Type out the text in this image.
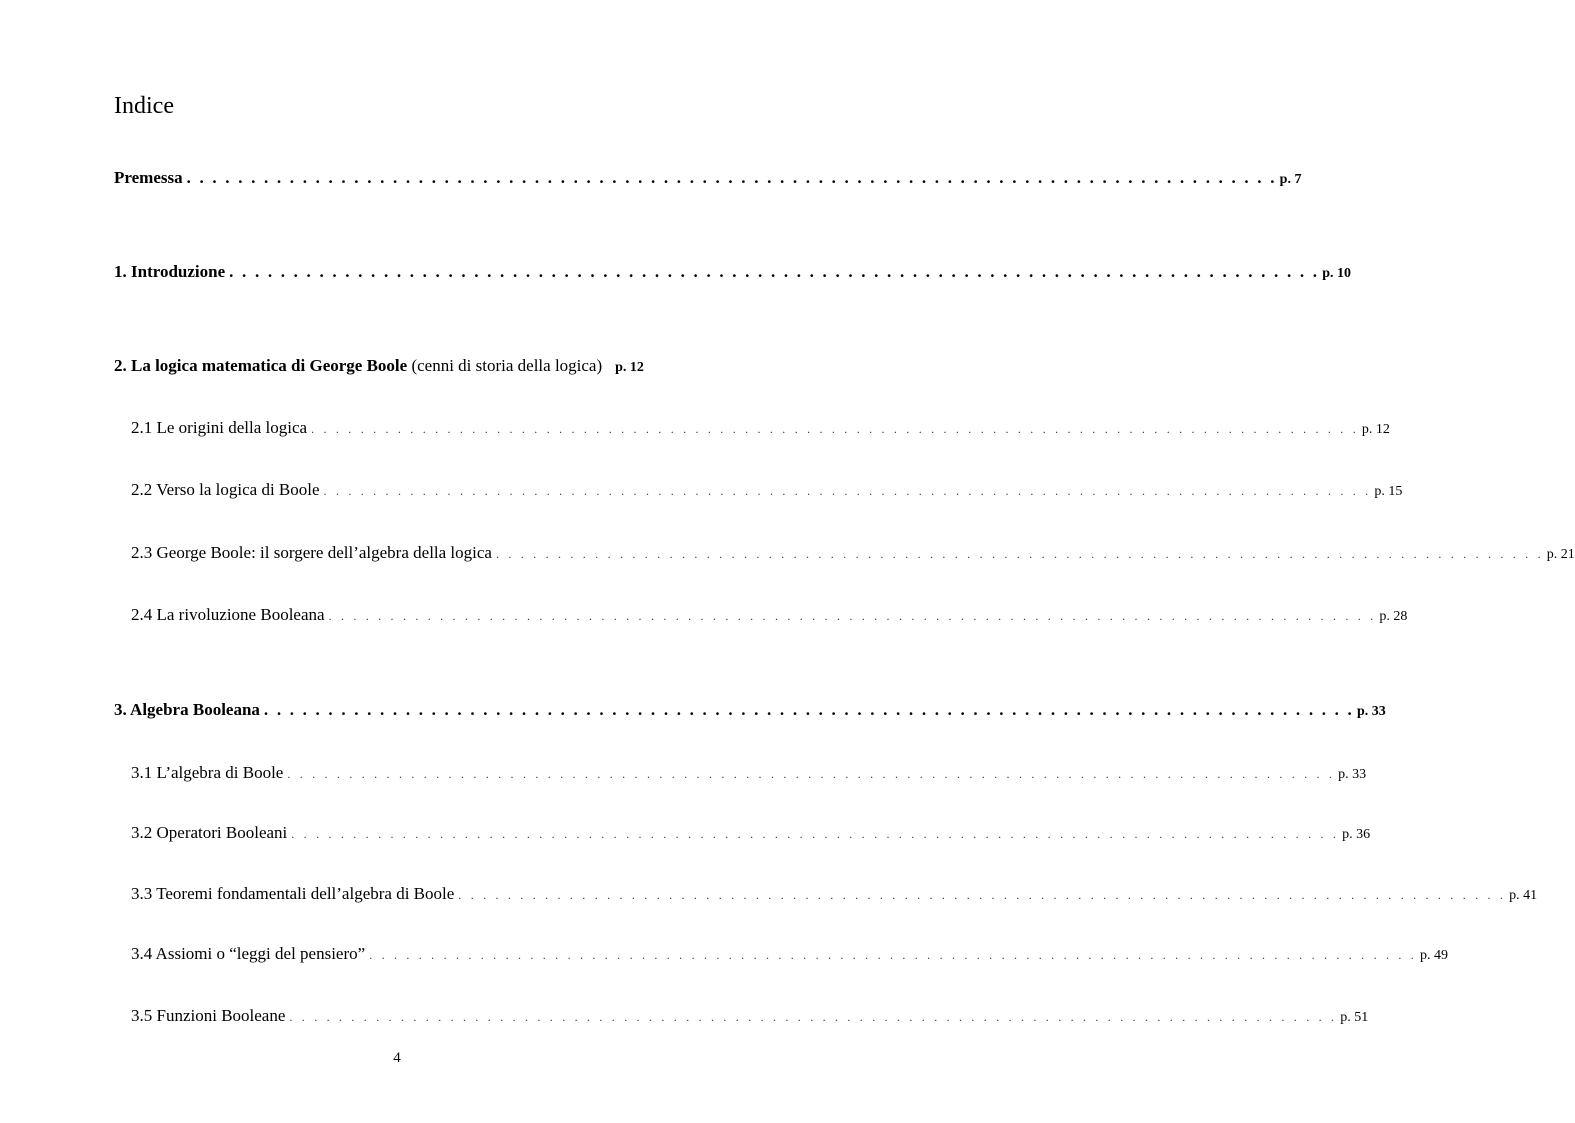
Indice
Premessa . . . . . . . . . . . . . . . . . . . . . . . . . . . . . . . . . . . . . . . . . . . . . . . . . . . . . . . . . . . . . . . . . . . . . . . . . . . . . . . . . . . . . p. 7
1. Introduzione . . . . . . . . . . . . . . . . . . . . . . . . . . . . . . . . . . . . . . . . . . . . . . . . . . . . . . . . . . . . . . . . . . . . . . . . . . . . . . . . . . . . . p. 10
2. La logica matematica di George Boole (cenni di storia della logica) p. 12
2.1 Le origini della logica . . . . . . . . . . . . . . . . . . . . . . . . . . . . . . . . . . . . . . . . . . . . . . . . . . . . . . . . . . . . . . . . . . . . . . . . . . . . . . . . . . . . . p. 12
2.2 Verso la logica di Boole . . . . . . . . . . . . . . . . . . . . . . . . . . . . . . . . . . . . . . . . . . . . . . . . . . . . . . . . . . . . . . . . . . . . . . . . . . . . . . . . . . . . . p. 15
2.3 George Boole: il sorgere dell’algebra della logica . . . . . . . . . . . . . . . . . . . . . . . . . . . . . . . . . . . . . . . . . . . . . . . . . . . . . . . . . . . . . . . . . . . . . . . . . . . . . . . . . . . . . p. 21
2.4 La rivoluzione Booleana . . . . . . . . . . . . . . . . . . . . . . . . . . . . . . . . . . . . . . . . . . . . . . . . . . . . . . . . . . . . . . . . . . . . . . . . . . . . . . . . . . . . . p. 28
3. Algebra Booleana . . . . . . . . . . . . . . . . . . . . . . . . . . . . . . . . . . . . . . . . . . . . . . . . . . . . . . . . . . . . . . . . . . . . . . . . . . . . . . . . . . . . . p. 33
3.1 L’algebra di Boole . . . . . . . . . . . . . . . . . . . . . . . . . . . . . . . . . . . . . . . . . . . . . . . . . . . . . . . . . . . . . . . . . . . . . . . . . . . . . . . . . . . . . p. 33
3.2 Operatori Booleani . . . . . . . . . . . . . . . . . . . . . . . . . . . . . . . . . . . . . . . . . . . . . . . . . . . . . . . . . . . . . . . . . . . . . . . . . . . . . . . . . . . . . p. 36
3.3 Teoremi fondamentali dell’algebra di Boole . . . . . . . . . . . . . . . . . . . . . . . . . . . . . . . . . . . . . . . . . . . . . . . . . . . . . . . . . . . . . . . . . . . . . . . . . . . . . . . . . . . . . p. 41
3.4 Assiomi o “leggi del pensiero” . . . . . . . . . . . . . . . . . . . . . . . . . . . . . . . . . . . . . . . . . . . . . . . . . . . . . . . . . . . . . . . . . . . . . . . . . . . . . . . . . . . . . p. 49
3.5 Funzioni Booleane . . . . . . . . . . . . . . . . . . . . . . . . . . . . . . . . . . . . . . . . . . . . . . . . . . . . . . . . . . . . . . . . . . . . . . . . . . . . . . . . . . . . . p. 51
4
